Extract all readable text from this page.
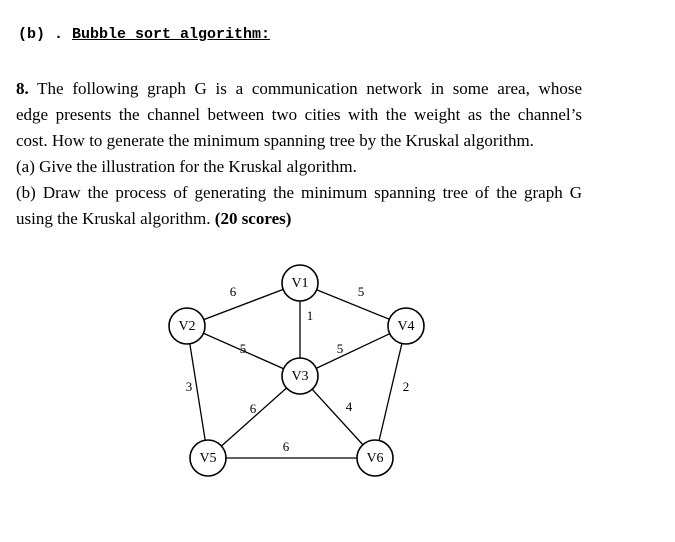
(b) . Bubble sort algorithm:

8. The following graph G is a communication network in some area, whose

edge presents the channel between two cities with the weight as the channel’s

cost. How to generate the minimum spanning tree by the Kruskal algorithm.

(a) Give the illustration for the Kruskal algorithm.

(b) Draw the process of generating the minimum spanning tree of the graph G

using the Kruskal algorithm. (20 scores)

6	5
1
5	5
3	2
6	4
6
V1
V2
V3
V4
V5	V6
